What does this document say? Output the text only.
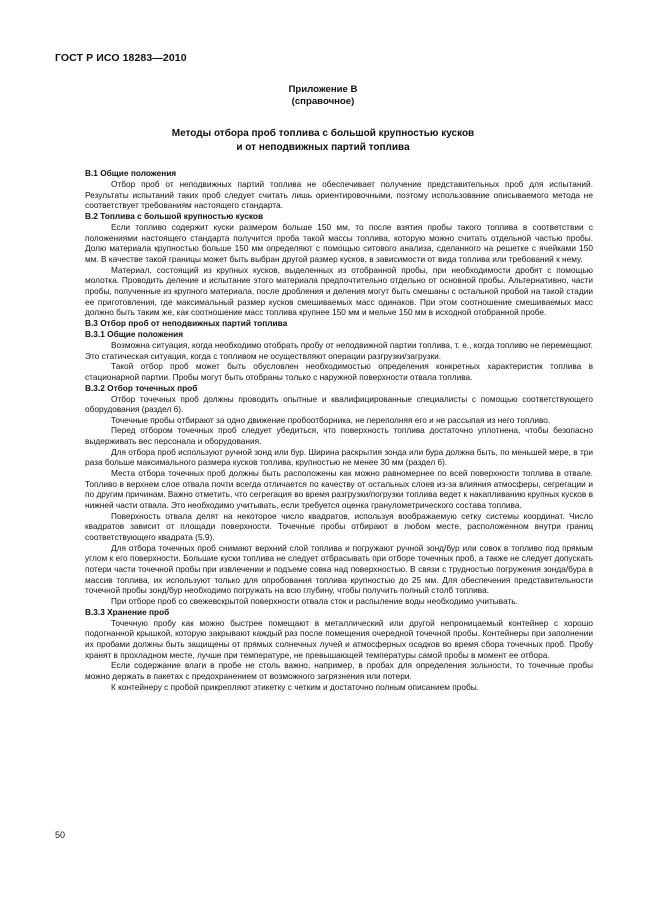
ГОСТ Р ИСО 18283—2010
Приложение В
(справочное)
Методы отбора проб топлива с большой крупностью кусков
и от неподвижных партий топлива
В.1 Общие положения

Отбор проб от неподвижных партий топлива не обеспечивает получение представительных проб для испытаний. Результаты испытаний таких проб следует считать лишь ориентировочными, поэтому использование описываемого метода не соответствует требованиям настоящего стандарта.

В.2 Топлива с большой крупностью кусков

Если топливо содержит куски размером больше 150 мм, то после взятия пробы такого топлива в соответствии с положениями настоящего стандарта получится проба такой массы топлива, которую можно считать отдельной частью пробы. Долю материала крупностью больше 150 мм определяют с помощью ситового анализа, сделанного на решетке с ячейками 150 мм. В качестве такой границы может быть выбран другой размер кусков, в зависимости от вида топлива или требований к нему.

Материал, состоящий из крупных кусков, выделенных из отобранной пробы, при необходимости дробят с помощью молотка. Проводить деление и испытание этого материала предпочтительно отдельно от основной пробы. Альтернативно, части пробы, полученные из крупного материала, после дробления и деления могут быть смешаны с остальной пробой на такой стадии ее приготовления, где максимальный размер кусков смешиваемых масс одинаков. При этом соотношение смешиваемых масс должно быть таким же, как соотношение масс топлива крупнее 150 мм и мельче 150 мм в исходной отобранной пробе.

В.3 Отбор проб от неподвижных партий топлива
В.3.1 Общие положения

Возможна ситуация, когда необходимо отобрать пробу от неподвижной партии топлива, т. е., когда топливо не перемещают. Это статическая ситуация, когда с топливом не осуществляют операции разгрузки/загрузки.

Такой отбор проб может быть обусловлен необходимостью определения конкретных характеристик топлива в стационарной партии. Пробы могут быть отобраны только с наружной поверхности отвала топлива.

В.3.2 Отбор точечных проб

Отбор точечных проб должны проводить опытные и квалифицированные специалисты с помощью соответствующего оборудования (раздел 6).

Точечные пробы отбирают за одно движение пробоотборника, не переполняя его и не рассыпая из него топливо.

Перед отбором точечных проб следует убедиться, что поверхность топлива достаточно уплотнена, чтобы безопасно выдерживать вес персонала и оборудования.

Для отбора проб используют ручной зонд или бур. Ширина раскрытия зонда или бура должна быть, по меньшей мере, в три раза больше максимального размера кусков топлива, крупностью не менее 30 мм (раздел 6).

Места отбора точечных проб должны быть расположены как можно равномернее по всей поверхности топлива в отвале. Топливо в верхнем слое отвала почти всегда отличается по качеству от остальных слоев из-за влияния атмосферы, сегрегации и по другим причинам. Важно отметить, что сегрегация во время разгрузки/погрузки топлива ведет к накапливанию крупных кусков в нижней части отвала. Это необходимо учитывать, если требуется оценка гранулометрического состава топлива.

Поверхность отвала делят на некоторое число квадратов, используя воображаемую сетку системы координат. Число квадратов зависит от площади поверхности. Точечные пробы отбирают в любом месте, расположенном внутри границ соответствующего квадрата (5.9).

Для отбора точечных проб снимают верхний слой топлива и погружают ручной зонд/бур или совок в топливо под прямым углом к его поверхности. Большие куски топлива не следует отбрасывать при отборе точечных проб, а также не следует допускать потери части точечной пробы при извлечении и подъеме совка над поверхностью. В связи с трудностью погружения зонда/бура в массив топлива, их используют только для опробования топлива крупностью до 25 мм. Для обеспечения представительности точечной пробы зонд/бур необходимо погружать на всю глубину, чтобы получить полный столб топлива.

При отборе проб со свежевскрытой поверхности отвала сток и распыление воды необходимо учитывать.

В.3.3 Хранение проб

Точечную пробу как можно быстрее помещают в металлический или другой непроницаемый контейнер с хорошо подогнанной крышкой, которую закрывают каждый раз после помещения очередной точечной пробы. Контейнеры при заполнении их пробами должны быть защищены от прямых солнечных лучей и атмосферных осадков во время сбора точечных проб. Пробу хранят в прохладном месте, лучше при температуре, не превышающей температуры самой пробы в момент ее отбора.

Если содержание влаги в пробе не столь важно, например, в пробах для определения зольности, то точечные пробы можно держать в пакетах с предохранением от возможного загрязнения или потери.

К контейнеру с пробой прикрепляют этикетку с четким и достаточно полным описанием пробы.

50
